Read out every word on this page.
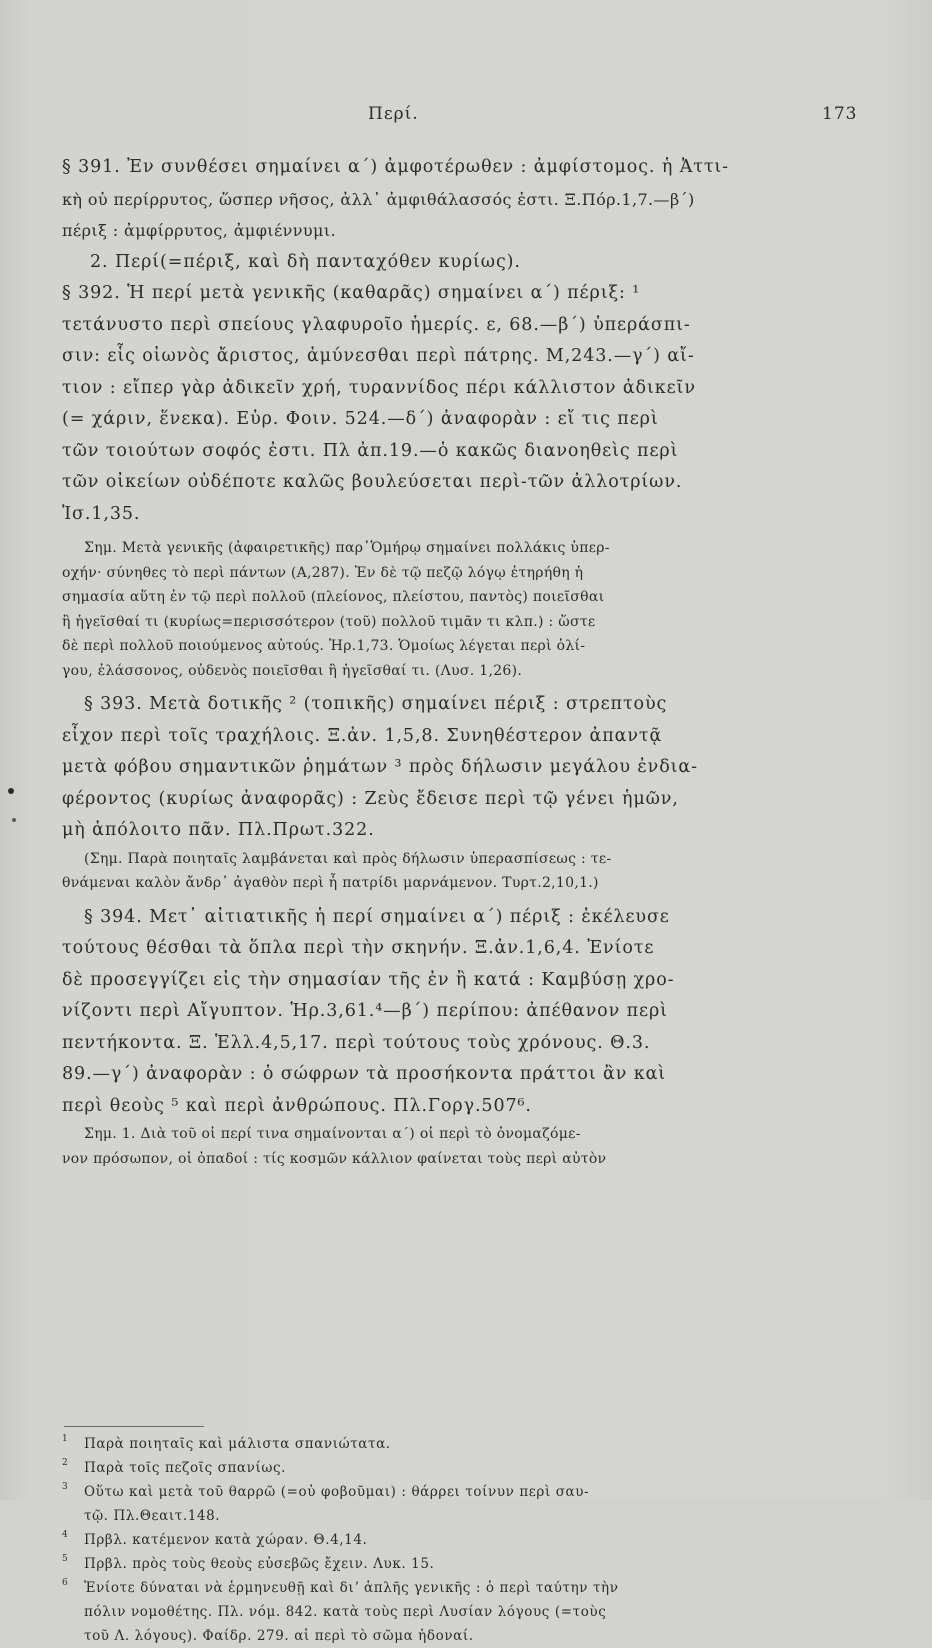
Περί.	173
§ 391. Ἐν συνθέσει σημαίνει α΄) ἀμφοτέρωθεν : ἀμφίστομος. ἡ Ἀττι-
κὴ οὐ περίρρυτος, ὥσπερ νῆσος, ἀλλ᾽ ἀμφιθάλασσός ἐστι. Ξ.Πόρ.1,7.—β΄)
πέριξ : ἀμφίρρυτος, ἀμφιέννυμι.
2. Περί(=πέριξ, καὶ δὴ πανταχόθεν κυρίως).
§ 392. Ἡ περί μετὰ γενικῆς (καθαρᾶς) σημαίνει α΄) πέριξ: ¹
τετάνυστο περὶ σπείους γλαφυροῖο ἡμερίς. ε, 68.—β΄) ὑπεράσπι-
σιν: εἷς οἰωνὸς ἄριστος, ἀμύνεσθαι περὶ πάτρης. Μ,243.—γ΄) αἴ-
τιον : εἴπερ γὰρ ἀδικεῖν χρή, τυραννίδος πέρι κάλλιστον ἀδικεῖν
(= χάριν, ἕνεκα). Εὐρ. Φοιν. 524.—δ΄) ἀναφορὰν : εἴ τις περὶ
τῶν τοιούτων σοφός ἐστι. Πλ ἀπ.19.—ὁ κακῶς διανοηθεὶς περὶ
τῶν οἰκείων οὐδέποτε καλῶς βουλεύσεται περὶ-τῶν ἀλλοτρίων.
Ἰσ.1,35.
Σημ. Μετὰ γενικῆς (ἀφαιρετικῆς) παρ᾽Ὁμήρῳ σημαίνει πολλάκις ὑπερ-
οχήν· σύνηθες τὸ περὶ πάντων (Α,287). Ἐν δὲ τῷ πεζῷ λόγῳ ἐτηρήθη ἡ
σημασία αὕτη ἐν τῷ περὶ πολλοῦ (πλείονος, πλείστου, παντὸς) ποιεῖσθαι
ἢ ἡγεῖσθαί τι (κυρίως=περισσότερον (τοῦ) πολλοῦ τιμᾶν τι κλπ.) : ὥστε
δὲ περὶ πολλοῦ ποιούμενος αὐτούς. Ἡρ.1,73. Ὁμοίως λέγεται περὶ ὀλί-
γου, ἐλάσσονος, οὐδενὸς ποιεῖσθαι ἢ ἡγεῖσθαί τι. (Λυσ. 1,26).
§ 393. Μετὰ δοτικῆς ² (τοπικῆς) σημαίνει πέριξ : στρεπτοὺς
εἶχον περὶ τοῖς τραχήλοις. Ξ.ἀν. 1,5,8. Συνηθέστερον ἀπαντᾷ
μετὰ φόβου σημαντικῶν ῥημάτων ³ πρὸς δήλωσιν μεγάλου ἐνδια-
φέροντος (κυρίως ἀναφορᾶς) : Ζεὺς ἔδεισε περὶ τῷ γένει ἡμῶν,
μὴ ἀπόλοιτο πᾶν. Πλ.Πρωτ.322.
(Σημ. Παρὰ ποιηταῖς λαμβάνεται καὶ πρὸς δήλωσιν ὑπερασπίσεως : τε-
θνάμεναι καλὸν ἄνδρ᾽ ἀγαθὸν περὶ ἧ πατρίδι μαρνάμενον. Τυρτ.2,10,1.)
§ 394. Μετ᾽ αἰτιατικῆς ἡ περί σημαίνει α΄) πέριξ : ἐκέλευσε
τούτους θέσθαι τὰ ὅπλα περὶ τὴν σκηνήν. Ξ.ἀν.1,6,4. Ἐνίοτε
δὲ προσεγγίζει εἰς τὴν σημασίαν τῆς ἐν ἢ κατά : Καμβύσῃ χρο-
νίζοντι περὶ Αἴγυπτον. Ἡρ.3,61.⁴—β΄) περίπου: ἀπέθανον περὶ
πεντήκοντα. Ξ. Ἑλλ.4,5,17. περὶ τούτους τοὺς χρόνους. Θ.3.
89.—γ΄) ἀναφορὰν : ὁ σώφρων τὰ προσήκοντα πράττοι ἂν καὶ
περὶ θεοὺς ⁵ καὶ περὶ ἀνθρώπους. Πλ.Γοργ.507⁶.
Σημ. 1. Διὰ τοῦ οἱ περί τινα σημαίνονται α΄) οἱ περὶ τὸ ὀνομαζόμε-
νον πρόσωπον, οἱ ὀπαδοί : τίς κοσμῶν κάλλιον φαίνεται τοὺς περὶ αὐτὸν
1 Παρὰ ποιηταῖς καὶ μάλιστα σπανιώτατα.
2 Παρὰ τοῖς πεζοῖς σπανίως.
3 Οὕτω καὶ μετὰ τοῦ θαρρῶ (=οὐ φοβοῦμαι) : θάρρει τοίνυν περὶ σαυ-
τῷ. Πλ.Θεαιτ.148.
4 Πρβλ. κατέμενον κατὰ χώραν. Θ.4,14.
5 Πρβλ. πρὸς τοὺς θεοὺς εὐσεβῶς ἔχειν. Λυκ. 15.
6 Ἐνίοτε δύναται νὰ ἑρμηνευθῇ καὶ διʼ ἁπλῆς γενικῆς : ὁ περὶ ταύτην τὴν
πόλιν νομοθέτης. Πλ. νόμ. 842. κατὰ τοὺς περὶ Λυσίαν λόγους (=τοὺς
τοῦ Λ. λόγους). Φαίδρ. 279. αἱ περὶ τὸ σῶμα ἡδοναί.
